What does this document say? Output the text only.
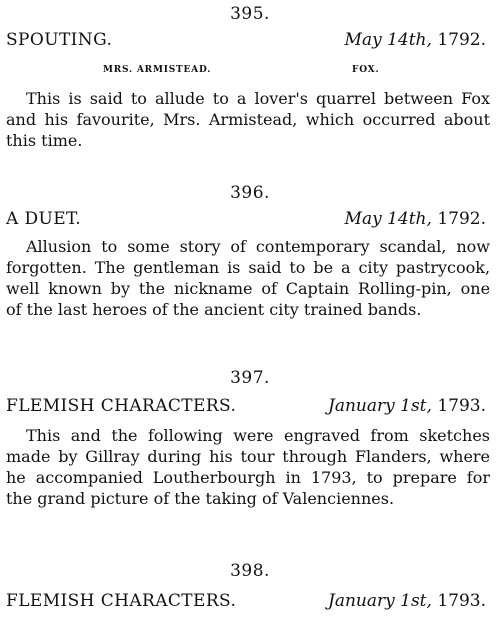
395.
SPOUTING.	May 14th, 1792.
MRS. ARMISTEAD.	FOX.
This is said to allude to a lover's quarrel between Fox
and his favourite, Mrs. Armistead, which occurred about
this time.
396.
A DUET.	May 14th, 1792.
Allusion to some story of contemporary scandal, now
forgotten. The gentleman is said to be a city pastrycook,
well known by the nickname of Captain Rolling-pin, one
of the last heroes of the ancient city trained bands.
397.
FLEMISH CHARACTERS.	January 1st, 1793.
This and the following were engraved from sketches
made by Gillray during his tour through Flanders, where
he accompanied Loutherbourgh in 1793, to prepare for
the grand picture of the taking of Valenciennes.
398.
FLEMISH CHARACTERS.	January 1st, 1793.
